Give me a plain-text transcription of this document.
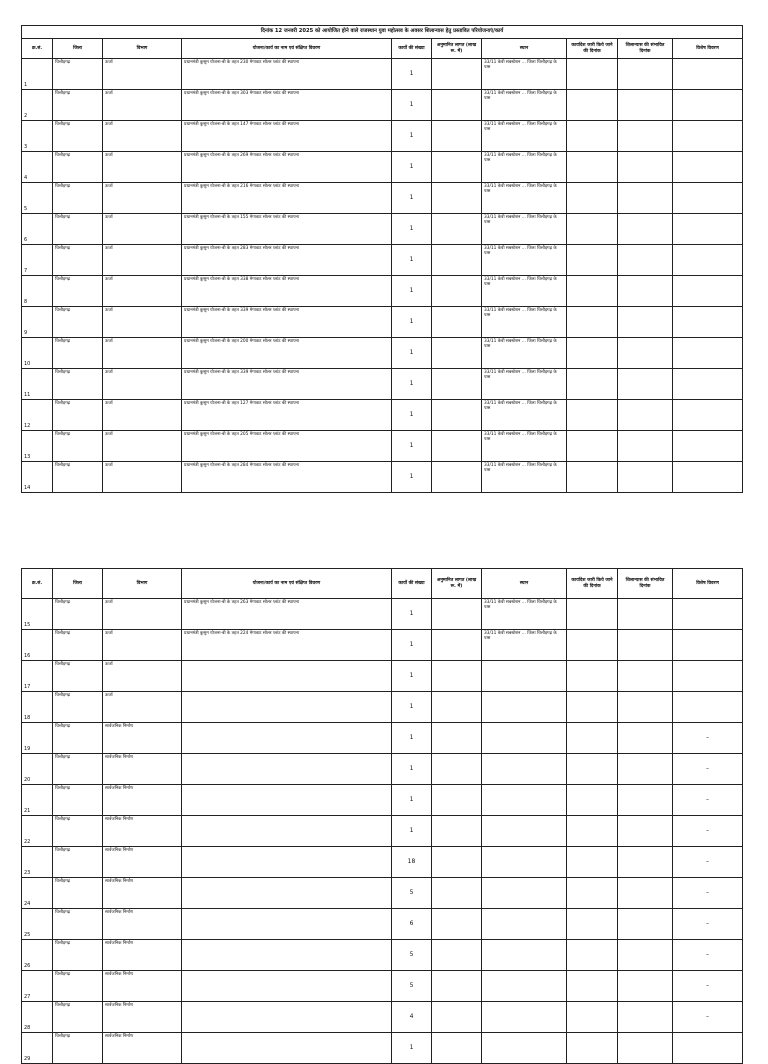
दिनांक 12 जनवरी 2025 को आयोजित होने वाले राजस्थान युवा महोत्सव के अवसर शिलान्यास हेतु प्रस्तावित परियोजनाएं/कार्य									
क्र.सं.	जिला	विभाग	योजना/कार्य का नाम एवं संक्षिप्त विवरण	कार्यो की संख्या	अनुमानित लागत (लाख रू. में)	स्थान	कार्यादेश जारी किये जाने की दिनांक	शिलान्यास की संभावित दिनांक	विशेष विवरण
1	चित्तौड़गढ़	ऊर्जा	प्रधानमंत्री कुसुम योजना-बी के तहत 230 मेगावाट सोलर प्लांट की स्थापना	1		33/11 केवी सबस्टेशन ... जिला चित्तौड़गढ़ के पास			
2	चित्तौड़गढ़	ऊर्जा	प्रधानमंत्री कुसुम योजना-बी के तहत 303 मेगावाट सोलर प्लांट की स्थापना	1		33/11 केवी सबस्टेशन ... जिला चित्तौड़गढ़ के पास			
3	चित्तौड़गढ़	ऊर्जा	प्रधानमंत्री कुसुम योजना-बी के तहत 147 मेगावाट सोलर प्लांट की स्थापना	1		33/11 केवी सबस्टेशन ... जिला चित्तौड़गढ़ के पास			
4	चित्तौड़गढ़	ऊर्जा	प्रधानमंत्री कुसुम योजना-बी के तहत 269 मेगावाट सोलर प्लांट की स्थापना	1		33/11 केवी सबस्टेशन ... जिला चित्तौड़गढ़ के पास			
5	चित्तौड़गढ़	ऊर्जा	प्रधानमंत्री कुसुम योजना-बी के तहत 216 मेगावाट सोलर प्लांट की स्थापना	1		33/11 केवी सबस्टेशन ... जिला चित्तौड़गढ़ के पास			
6	चित्तौड़गढ़	ऊर्जा	प्रधानमंत्री कुसुम योजना-बी के तहत 155 मेगावाट सोलर प्लांट की स्थापना	1		33/11 केवी सबस्टेशन ... जिला चित्तौड़गढ़ के पास			
7	चित्तौड़गढ़	ऊर्जा	प्रधानमंत्री कुसुम योजना-बी के तहत 283 मेगावाट सोलर प्लांट की स्थापना	1		33/11 केवी सबस्टेशन ... जिला चित्तौड़गढ़ के पास			
8	चित्तौड़गढ़	ऊर्जा	प्रधानमंत्री कुसुम योजना-बी के तहत 338 मेगावाट सोलर प्लांट की स्थापना	1		33/11 केवी सबस्टेशन ... जिला चित्तौड़गढ़ के पास			
9	चित्तौड़गढ़	ऊर्जा	प्रधानमंत्री कुसुम योजना-बी के तहत 339 मेगावाट सोलर प्लांट की स्थापना	1		33/11 केवी सबस्टेशन ... जिला चित्तौड़गढ़ के पास			
10	चित्तौड़गढ़	ऊर्जा	प्रधानमंत्री कुसुम योजना-बी के तहत 200 मेगावाट सोलर प्लांट की स्थापना	1		33/11 केवी सबस्टेशन ... जिला चित्तौड़गढ़ के पास			
11	चित्तौड़गढ़	ऊर्जा	प्रधानमंत्री कुसुम योजना-बी के तहत 339 मेगावाट सोलर प्लांट की स्थापना	1		33/11 केवी सबस्टेशन ... जिला चित्तौड़गढ़ के पास			
12	चित्तौड़गढ़	ऊर्जा	प्रधानमंत्री कुसुम योजना-बी के तहत 127 मेगावाट सोलर प्लांट की स्थापना	1		33/11 केवी सबस्टेशन ... जिला चित्तौड़गढ़ के पास			
13	चित्तौड़गढ़	ऊर्जा	प्रधानमंत्री कुसुम योजना-बी के तहत 205 मेगावाट सोलर प्लांट की स्थापना	1		33/11 केवी सबस्टेशन ... जिला चित्तौड़गढ़ के पास			
14	चित्तौड़गढ़	ऊर्जा	प्रधानमंत्री कुसुम योजना-बी के तहत 284 मेगावाट सोलर प्लांट की स्थापना	1		33/11 केवी सबस्टेशन ... जिला चित्तौड़गढ़ के पास			
क्र.सं.	जिला	विभाग	योजना/कार्य का नाम एवं संक्षिप्त विवरण	कार्यो की संख्या	अनुमानित लागत (लाख रू. में)	स्थान	कार्यादेश जारी किये जाने की दिनांक	शिलान्यास की संभावित दिनांक	विशेष विवरण
15	चित्तौड़गढ़	ऊर्जा	प्रधानमंत्री कुसुम योजना-बी के तहत 263 मेगावाट सोलर प्लांट की स्थापना	1		33/11 केवी सबस्टेशन ... जिला चित्तौड़गढ़ के पास			
16	चित्तौड़गढ़	ऊर्जा	प्रधानमंत्री कुसुम योजना-बी के तहत 224 मेगावाट सोलर प्लांट की स्थापना	1		33/11 केवी सबस्टेशन ... जिला चित्तौड़गढ़ के पास			
17	चित्तौड़गढ़	ऊर्जा		1					
18	चित्तौड़गढ़	ऊर्जा		1					
19	चित्तौड़गढ़	सार्वजनिक निर्माण		1					–
20	चित्तौड़गढ़	सार्वजनिक निर्माण		1					–
21	चित्तौड़गढ़	सार्वजनिक निर्माण		1					–
22	चित्तौड़गढ़	सार्वजनिक निर्माण		1					–
23	चित्तौड़गढ़	सार्वजनिक निर्माण		18					–
24	चित्तौड़गढ़	सार्वजनिक निर्माण		5					–
25	चित्तौड़गढ़	सार्वजनिक निर्माण		6					–
26	चित्तौड़गढ़	सार्वजनिक निर्माण		5					–
27	चित्तौड़गढ़	सार्वजनिक निर्माण		5					–
28	चित्तौड़गढ़	सार्वजनिक निर्माण		4					–
29	चित्तौड़गढ़	सार्वजनिक निर्माण		1					
